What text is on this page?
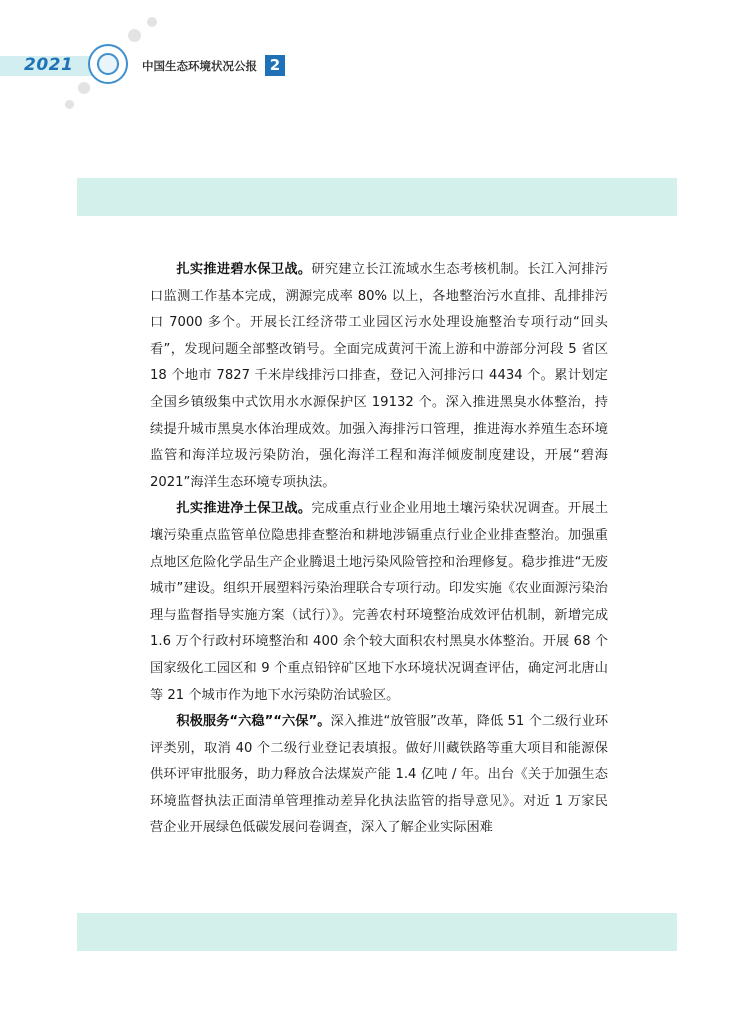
2021	中国生态环境状况公报 2

扎实推进碧水保卫战。研究建立长江流域水生态考核机制。长江入河排污口监测工作基本完成，溯源完成率 80% 以上，各地整治污水直排、乱排排污口 7000 多个。开展长江经济带工业园区污水处理设施整治专项行动“回头看”，发现问题全部整改销号。全面完成黄河干流上游和中游部分河段 5 省区 18 个地市 7827 千米岸线排污口排查，登记入河排污口 4434 个。累计划定全国乡镇级集中式饮用水水源保护区 19132 个。深入推进黑臭水体整治，持续提升城市黑臭水体治理成效。加强入海排污口管理，推进海水养殖生态环境监管和海洋垃圾污染防治，强化海洋工程和海洋倾废制度建设，开展“碧海 2021”海洋生态环境专项执法。

扎实推进净土保卫战。完成重点行业企业用地土壤污染状况调查。开展土壤污染重点监管单位隐患排查整治和耕地涉镉重点行业企业排查整治。加强重点地区危险化学品生产企业腾退土地污染风险管控和治理修复。稳步推进“无废城市”建设。组织开展塑料污染治理联合专项行动。印发实施《农业面源污染治理与监督指导实施方案（试行）》。完善农村环境整治成效评估机制，新增完成 1.6 万个行政村环境整治和 400 余个较大面积农村黑臭水体整治。开展 68 个国家级化工园区和 9 个重点铅锌矿区地下水环境状况调查评估，确定河北唐山等 21 个城市作为地下水污染防治试验区。

积极服务“六稳”“六保”。深入推进“放管服”改革，降低 51 个二级行业环评类别，取消 40 个二级行业登记表填报。做好川藏铁路等重大项目和能源保供环评审批服务，助力释放合法煤炭产能 1.4 亿吨 / 年。出台《关于加强生态环境监督执法正面清单管理推动差异化执法监管的指导意见》。对近 1 万家民营企业开展绿色低碳发展问卷调查，深入了解企业实际困难
